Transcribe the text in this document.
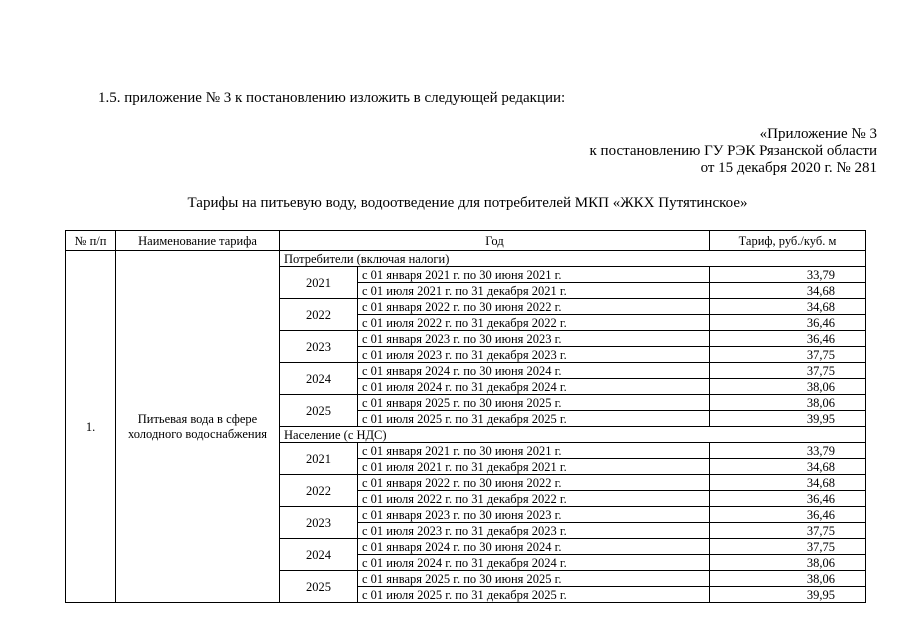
1.5. приложение № 3 к постановлению изложить в следующей редакции:
«Приложение № 3
к постановлению ГУ РЭК Рязанской области
от 15 декабря 2020 г. № 281
Тарифы на питьевую воду, водоотведение для потребителей МКП «ЖКХ Путятинское»
№ п/п	Наименование тарифа	Год		Тариф, руб./куб. м
1.	Питьевая вода в сфере холодного водоснабжения	Потребители (включая налоги)		
		2021	с 01 января 2021 г. по 30 июня 2021 г.	33,79
			с 01 июля 2021 г. по 31 декабря 2021 г.	34,68
		2022	с 01 января 2022 г. по 30 июня 2022 г.	34,68
			с 01 июля 2022 г. по 31 декабря 2022 г.	36,46
		2023	с 01 января 2023 г. по 30 июня 2023 г.	36,46
			с 01 июля 2023 г. по 31 декабря 2023 г.	37,75
		2024	с 01 января 2024 г. по 30 июня 2024 г.	37,75
			с 01 июля 2024 г. по 31 декабря 2024 г.	38,06
		2025	с 01 января 2025 г. по 30 июня 2025 г.	38,06
			с 01 июля 2025 г. по 31 декабря 2025 г.	39,95
		Население (с НДС)		
		2021	с 01 января 2021 г. по 30 июня 2021 г.	33,79
			с 01 июля 2021 г. по 31 декабря 2021 г.	34,68
		2022	с 01 января 2022 г. по 30 июня 2022 г.	34,68
			с 01 июля 2022 г. по 31 декабря 2022 г.	36,46
		2023	с 01 января 2023 г. по 30 июня 2023 г.	36,46
			с 01 июля 2023 г. по 31 декабря 2023 г.	37,75
		2024	с 01 января 2024 г. по 30 июня 2024 г.	37,75
			с 01 июля 2024 г. по 31 декабря 2024 г.	38,06
		2025	с 01 января 2025 г. по 30 июня 2025 г.	38,06
			с 01 июля 2025 г. по 31 декабря 2025 г.	39,95
